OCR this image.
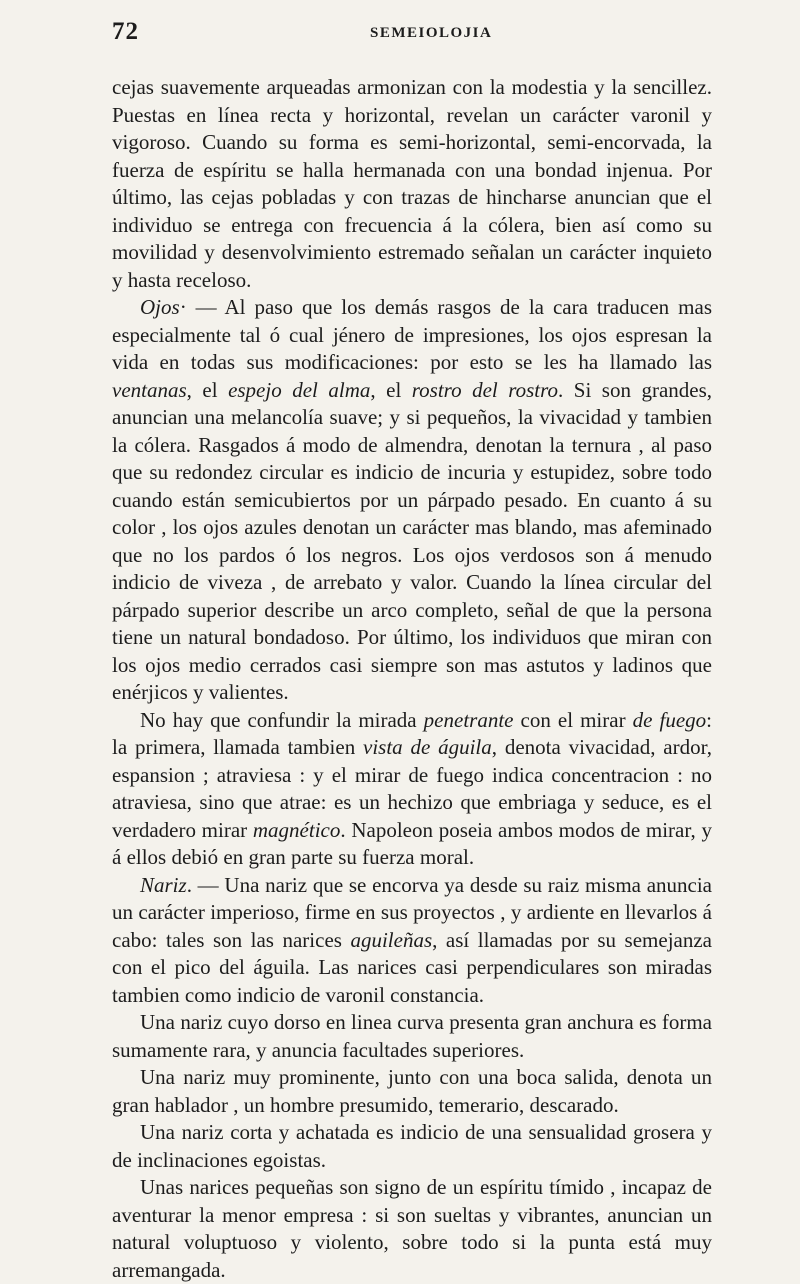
72	SEMEIOLOJIA

cejas suavemente arqueadas armonizan con la modestia y la sencillez. Puestas en línea recta y horizontal, revelan un carácter varonil y vigoroso. Cuando su forma es semi-horizontal, semi-encorvada, la fuerza de espíritu se halla hermanada con una bondad injenua. Por último, las cejas pobladas y con trazas de hincharse anuncian que el individuo se entrega con frecuencia á la cólera, bien así como su movilidad y desenvolvimiento estremado señalan un carácter inquieto y hasta receloso.

Ojos· — Al paso que los demás rasgos de la cara traducen mas especialmente tal ó cual jénero de impresiones, los ojos espresan la vida en todas sus modificaciones: por esto se les ha llamado las ventanas, el espejo del alma, el rostro del rostro. Si son grandes, anuncian una melancolía suave; y si pequeños, la vivacidad y tambien la cólera. Rasgados á modo de almendra, denotan la ternura , al paso que su redondez circular es indicio de incuria y estupidez, sobre todo cuando están semicubiertos por un párpado pesado. En cuanto á su color , los ojos azules denotan un carácter mas blando, mas afeminado que no los pardos ó los negros. Los ojos verdosos son á menudo indicio de viveza , de arrebato y valor. Cuando la línea circular del párpado superior describe un arco completo, señal de que la persona tiene un natural bondadoso. Por último, los individuos que miran con los ojos medio cerrados casi siempre son mas astutos y ladinos que enérjicos y valientes.

No hay que confundir la mirada penetrante con el mirar de fuego: la primera, llamada tambien vista de águila, denota vivacidad, ardor, espansion ; atraviesa : y el mirar de fuego indica concentracion : no atraviesa, sino que atrae: es un hechizo que embriaga y seduce, es el verdadero mirar magnético. Napoleon poseia ambos modos de mirar, y á ellos debió en gran parte su fuerza moral.

Nariz. — Una nariz que se encorva ya desde su raiz misma anuncia un carácter imperioso, firme en sus proyectos , y ardiente en llevarlos á cabo: tales son las narices aguileñas, así llamadas por su semejanza con el pico del águila. Las narices casi perpendiculares son miradas tambien como indicio de varonil constancia.

Una nariz cuyo dorso en linea curva presenta gran anchura es forma sumamente rara, y anuncia facultades superiores.

Una nariz muy prominente, junto con una boca salida, denota un gran hablador , un hombre presumido, temerario, descarado.

Una nariz corta y achatada es indicio de una sensualidad grosera y de inclinaciones egoistas.

Unas narices pequeñas son signo de un espíritu tímido , incapaz de aventurar la menor empresa : si son sueltas y vibrantes, anuncian un natural voluptuoso y violento, sobre todo si la punta está muy arremangada.
